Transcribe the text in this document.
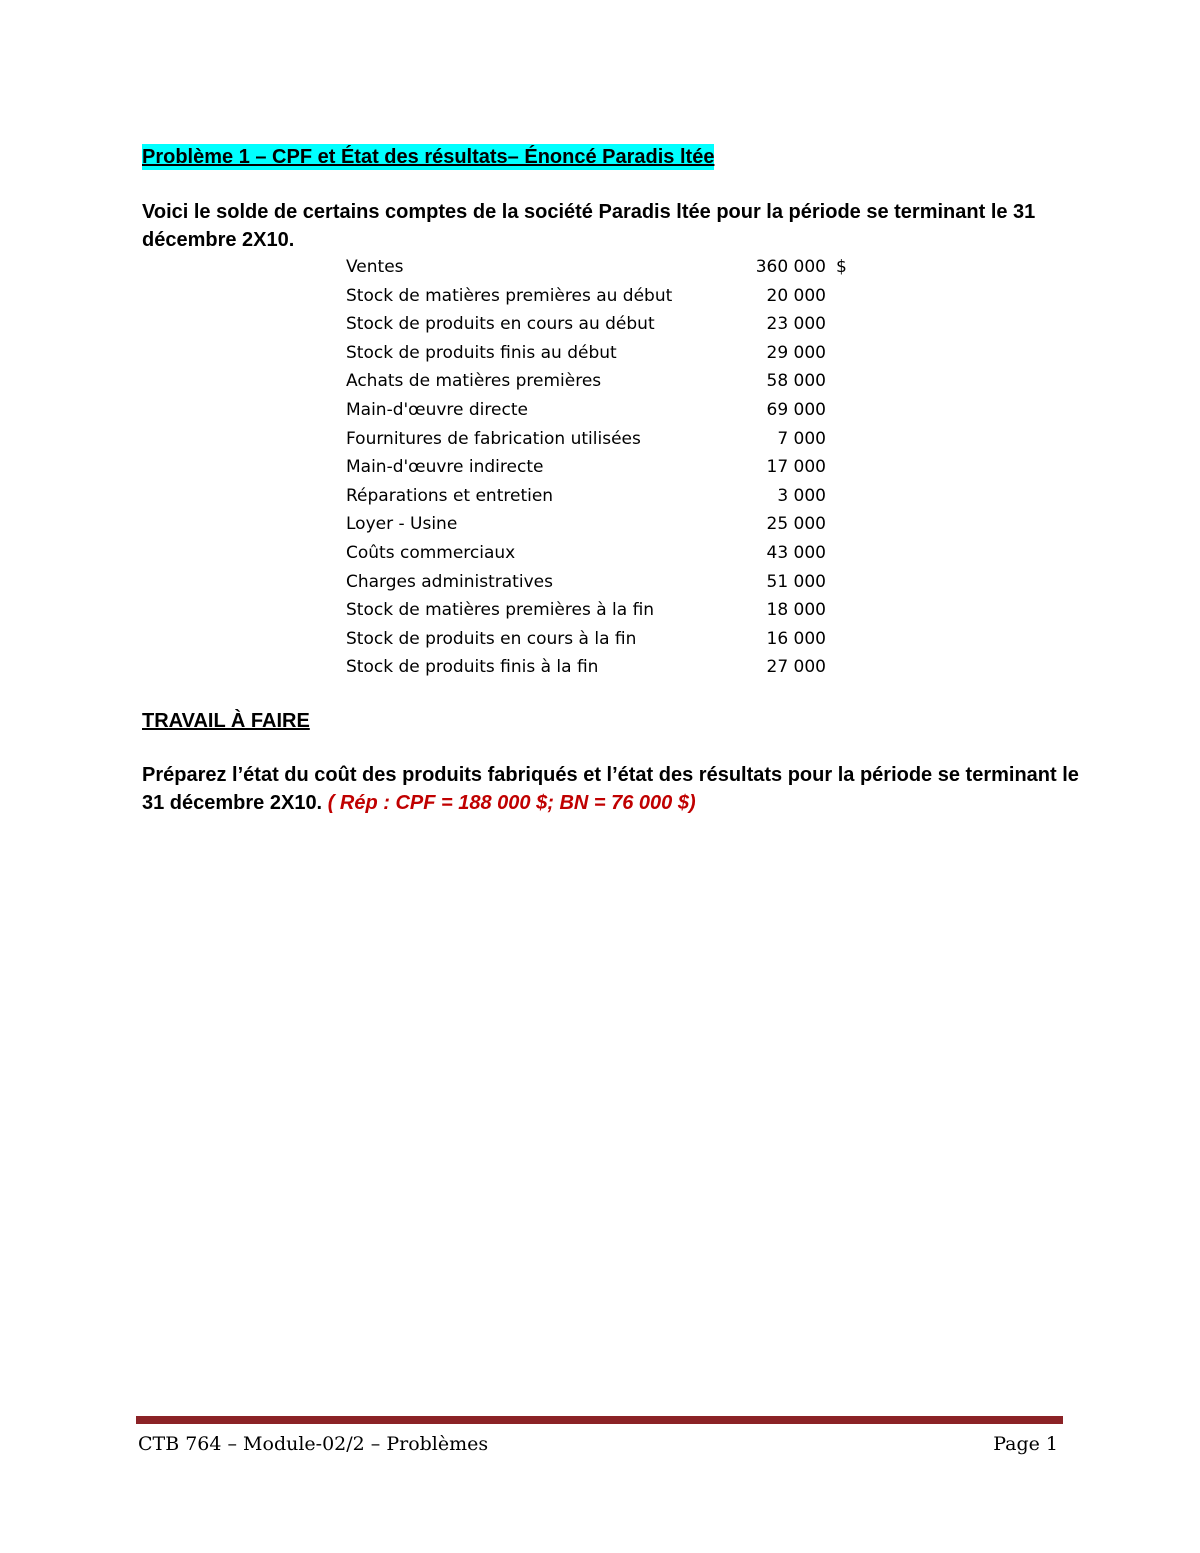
Problème 1 – CPF et État des résultats– Énoncé Paradis ltée
Voici le solde de certains comptes de la société Paradis ltée pour la période se terminant le 31 décembre 2X10.
Ventes	360 000	$
Stock de matières premières au début	20 000	
Stock de produits en cours au début	23 000	
Stock de produits finis au début	29 000	
Achats de matières premières	58 000	
Main-d'œuvre directe	69 000	
Fournitures de fabrication utilisées	7 000	
Main-d'œuvre indirecte	17 000	
Réparations et entretien	3 000	
Loyer - Usine	25 000	
Coûts commerciaux	43 000	
Charges administratives	51 000	
Stock de matières premières à la fin	18 000	
Stock de produits en cours à la fin	16 000	
Stock de produits finis à la fin	27 000	
TRAVAIL À FAIRE
Préparez l’état du coût des produits fabriqués et l’état des résultats pour la période se terminant le 31 décembre 2X10. ( Rép : CPF = 188 000 $; BN = 76 000 $)
CTB 764 – Module-02/2 – Problèmes	Page 1
